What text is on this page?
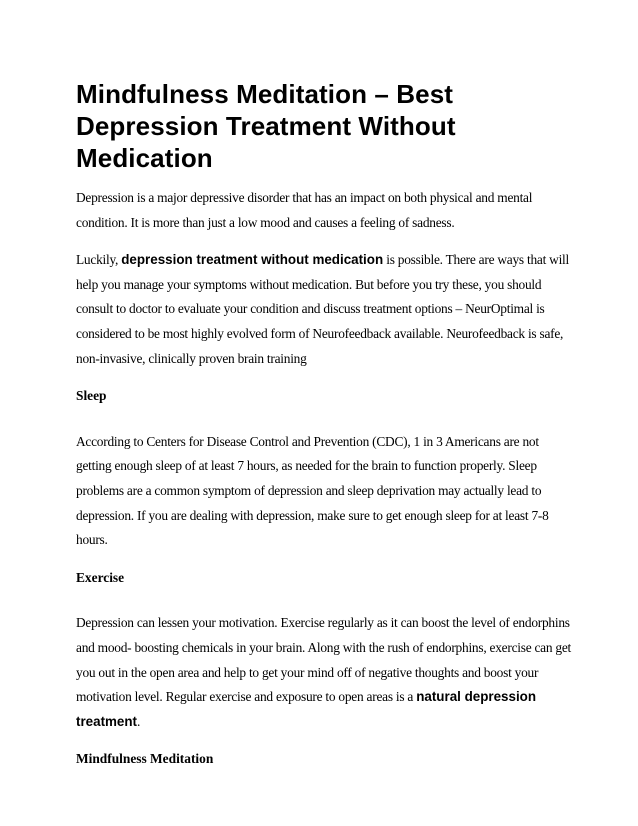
Mindfulness Meditation – Best Depression Treatment Without Medication

Depression is a major depressive disorder that has an impact on both physical and mental condition. It is more than just a low mood and causes a feeling of sadness.

Luckily, depression treatment without medication is possible. There are ways that will help you manage your symptoms without medication. But before you try these, you should consult to doctor to evaluate your condition and discuss treatment options – NeurOptimal is considered to be most highly evolved form of Neurofeedback available. Neurofeedback is safe, non-invasive, clinically proven brain training

Sleep

According to Centers for Disease Control and Prevention (CDC), 1 in 3 Americans are not getting enough sleep of at least 7 hours, as needed for the brain to function properly. Sleep problems are a common symptom of depression and sleep deprivation may actually lead to depression. If you are dealing with depression, make sure to get enough sleep for at least 7-8 hours.

Exercise

Depression can lessen your motivation. Exercise regularly as it can boost the level of endorphins and mood- boosting chemicals in your brain. Along with the rush of endorphins, exercise can get you out in the open area and help to get your mind off of negative thoughts and boost your motivation level. Regular exercise and exposure to open areas is a natural depression treatment.

Mindfulness Meditation
